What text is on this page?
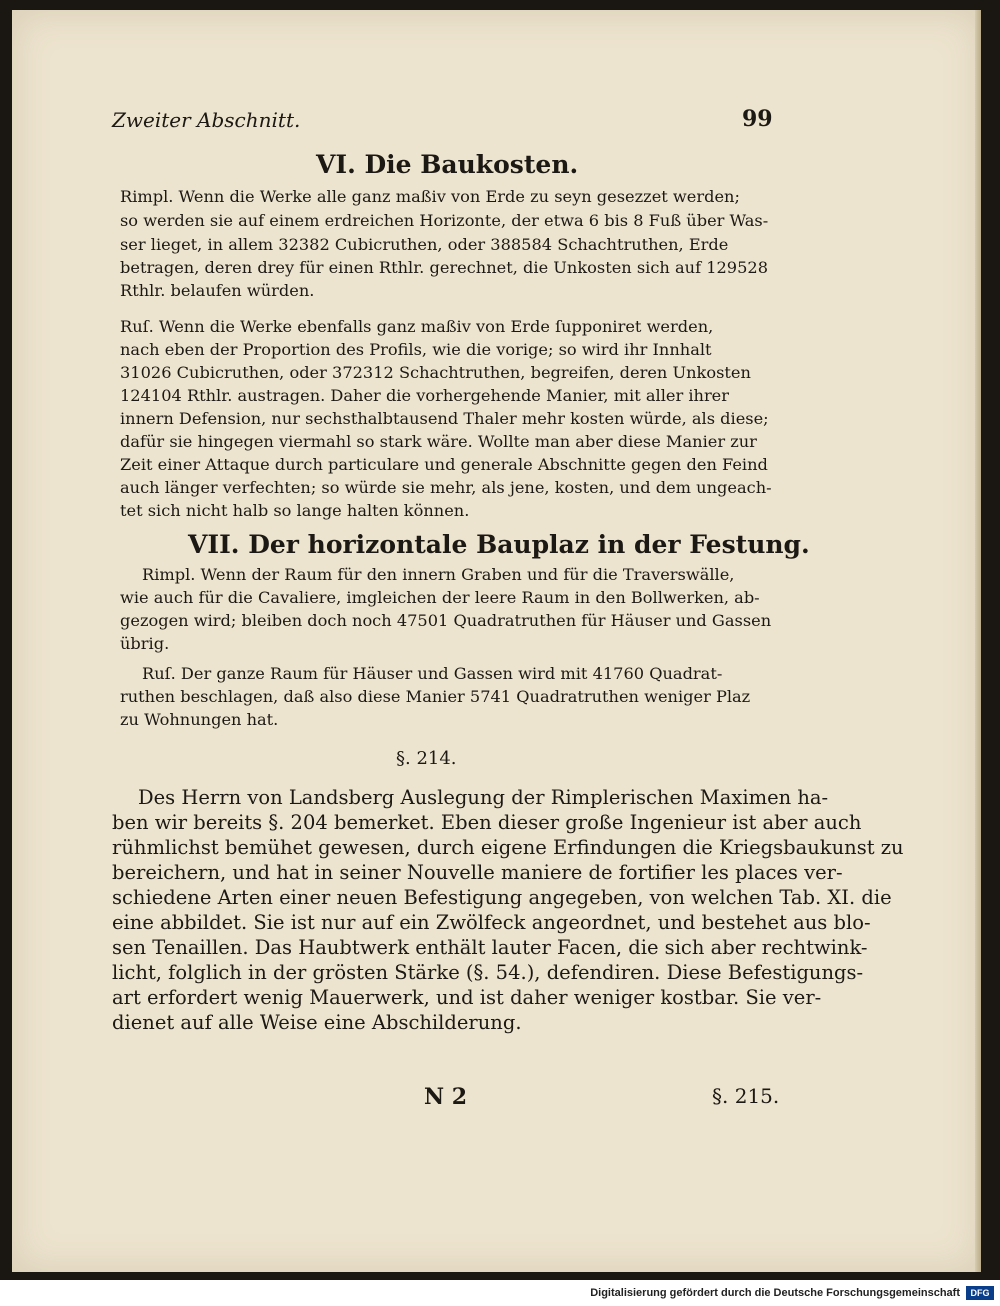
Zweiter Abschnitt.	99
VI. Die Baukosten.
Rimpl. Wenn die Werke alle ganz maßiv von Erde zu seyn gesezzet werden;
so werden sie auf einem erdreichen Horizonte, der etwa 6 bis 8 Fuß über Was-
ser lieget, in allem 32382 Cubicruthen, oder 388584 Schachtruthen, Erde
betragen, deren drey für einen Rthlr. gerechnet, die Unkosten sich auf 129528
Rthlr. belaufen würden.
Ruſ. Wenn die Werke ebenfalls ganz maßiv von Erde ſupponiret werden,
nach eben der Proportion des Profils, wie die vorige; so wird ihr Innhalt
31026 Cubicruthen, oder 372312 Schachtruthen, begreifen, deren Unkosten
124104 Rthlr. austragen. Daher die vorhergehende Manier, mit aller ihrer
innern Defension, nur sechsthalbtausend Thaler mehr kosten würde, als diese;
dafür sie hingegen viermahl so stark wäre. Wollte man aber diese Manier zur
Zeit einer Attaque durch particulare und generale Abschnitte gegen den Feind
auch länger verfechten; so würde sie mehr, als jene, kosten, und dem ungeach-
tet sich nicht halb so lange halten können.
VII. Der horizontale Bauplaz in der Festung.
Rimpl. Wenn der Raum für den innern Graben und für die Traverswälle,
wie auch für die Cavaliere, imgleichen der leere Raum in den Bollwerken, ab-
gezogen wird; bleiben doch noch 47501 Quadratruthen für Häuser und Gassen
übrig.
Ruſ. Der ganze Raum für Häuser und Gassen wird mit 41760 Quadrat-
ruthen beschlagen, daß also diese Manier 5741 Quadratruthen weniger Plaz
zu Wohnungen hat.
§. 214.
Des Herrn von Landsberg Auslegung der Rimplerischen Maximen ha-
ben wir bereits §. 204 bemerket. Eben dieser große Ingenieur ist aber auch
rühmlichst bemühet gewesen, durch eigene Erfindungen die Kriegsbaukunst zu
bereichern, und hat in seiner Nouvelle maniere de fortifier les places ver-
schiedene Arten einer neuen Befestigung angegeben, von welchen Tab. XI. die
eine abbildet. Sie ist nur auf ein Zwölfeck angeordnet, und bestehet aus blo-
sen Tenaillen. Das Haubtwerk enthält lauter Facen, die sich aber rechtwink-
licht, folglich in der grösten Stärke (§. 54.), defendiren. Diese Befestigungs-
art erfordert wenig Mauerwerk, und ist daher weniger kostbar. Sie ver-
dienet auf alle Weise eine Abschilderung.
N 2	§. 215.
Digitalisierung gefördert durch die Deutsche Forschungsgemeinschaft	DFG
